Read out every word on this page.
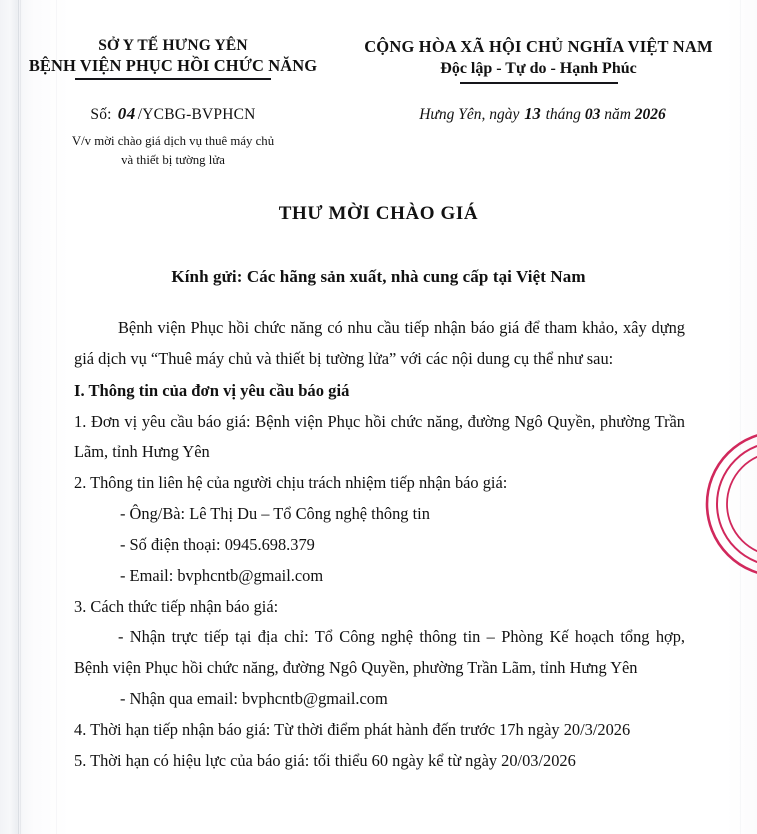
SỞ Y TẾ HƯNG YÊN
BỆNH VIỆN PHỤC HỒI CHỨC NĂNG
CỘNG HÒA XÃ HỘI CHỦ NGHĨA VIỆT NAM
Độc lập - Tự do - Hạnh Phúc
Số: 04 /YCBG-BVPHCN	Hưng Yên, ngày 13 tháng 03 năm 2026
V/v mời chào giá dịch vụ thuê máy chủ
và thiết bị tường lửa
THƯ MỜI CHÀO GIÁ
Kính gửi: Các hãng sản xuất, nhà cung cấp tại Việt Nam

Bệnh viện Phục hồi chức năng có nhu cầu tiếp nhận báo giá để tham khảo, xây dựng giá dịch vụ “Thuê máy chủ và thiết bị tường lửa” với các nội dung cụ thể như sau:

I. Thông tin của đơn vị yêu cầu báo giá

1. Đơn vị yêu cầu báo giá: Bệnh viện Phục hồi chức năng, đường Ngô Quyền, phường Trần Lãm, tỉnh Hưng Yên

2. Thông tin liên hệ của người chịu trách nhiệm tiếp nhận báo giá:

- Ông/Bà: Lê Thị Du – Tổ Công nghệ thông tin

- Số điện thoại: 0945.698.379

- Email: bvphcntb@gmail.com

3. Cách thức tiếp nhận báo giá:

- Nhận trực tiếp tại địa chỉ: Tổ Công nghệ thông tin – Phòng Kế hoạch tổng hợp, Bệnh viện Phục hồi chức năng, đường Ngô Quyền, phường Trần Lãm, tỉnh Hưng Yên

- Nhận qua email: bvphcntb@gmail.com

4. Thời hạn tiếp nhận báo giá: Từ thời điểm phát hành đến trước 17h ngày 20/3/2026

5. Thời hạn có hiệu lực của báo giá: tối thiểu 60 ngày kể từ ngày 20/03/2026
